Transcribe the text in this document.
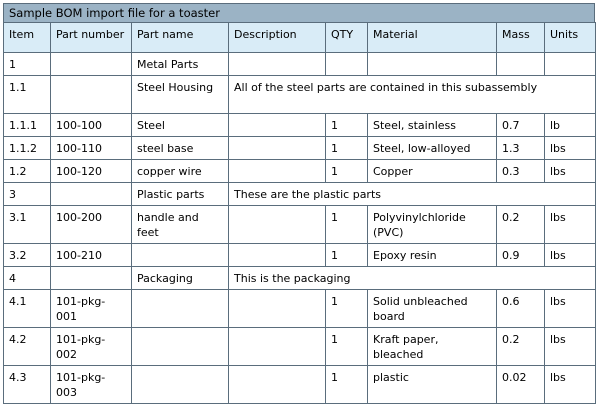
Sample BOM import file for a toaster
Item	Part number	Part name	Description	QTY	Material	Mass	Units
1		Metal Parts					
1.1		Steel Housing	All of the steel parts are contained in this subassembly				
1.1.1	100-100	Steel		1	Steel, stainless	0.7	lb
1.1.2	100-110	steel base		1	Steel, low-alloyed	1.3	lbs
1.2	100-120	copper wire		1	Copper	0.3	lbs
3		Plastic parts	These are the plastic parts				
3.1	100-200	handle and feet		1	Polyvinylchloride (PVC)	0.2	lbs
3.2	100-210			1	Epoxy resin	0.9	lbs
4		Packaging	This is the packaging				
4.1	101-pkg-001			1	Solid unbleached board	0.6	lbs
4.2	101-pkg-002			1	Kraft paper, bleached	0.2	lbs
4.3	101-pkg-003			1	plastic	0.02	lbs
